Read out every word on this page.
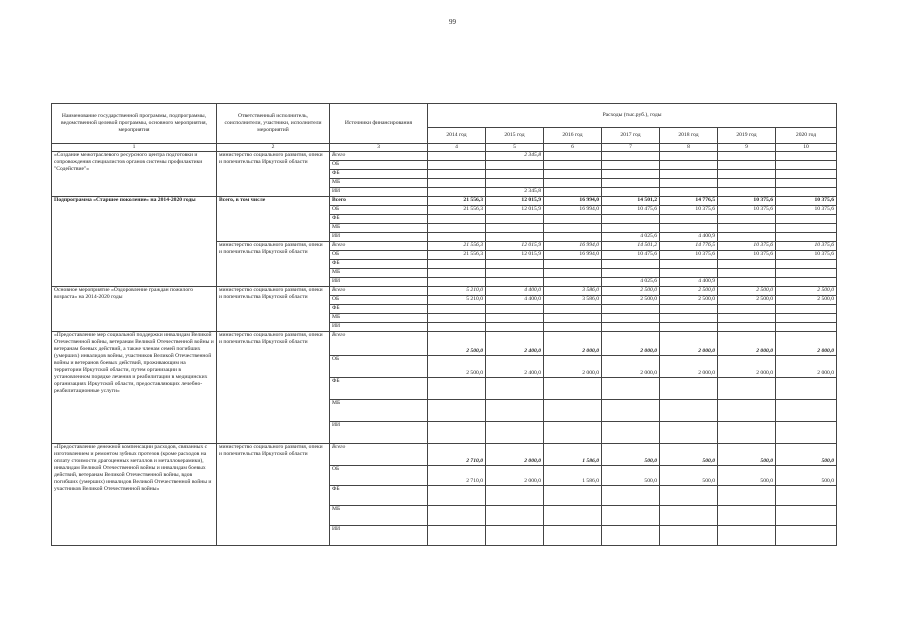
99
Наименование государственной программы, подпрограммы, ведомственной целевой программы, основного мероприятия, мероприятия	Ответственный исполнитель, соисполнители, участники, исполнители мероприятий	Источники финансирования	Расходы (тыс.руб.), годы						
			2014 год	2015 год	2016 год	2017 год	2018 год	2019 год	2020 год
1	2	3	4	5	6	7	8	9	10
«Создание межотраслевого ресурсного центра подготовки и сопровождения специалистов органов системы профилактики "Содействие"»	министерство социального развития, опеки и попечительства Иркутской области	Всего		2 345,8					
		ОБ							
		ФБ							
		МБ							
		ИИ		2 345,8					
Подпрограмма «Старшее поколение» на 2014-2020 годы	Всего, в том числе	Всего	21 556,3	12 015,9	16 994,0	14 501,2	14 776,5	10 375,6	10 375,6
		ОБ	21 556,3	12 015,9	16 994,0	10 475,6	10 375,6	10 375,6	10 375,6
		ФБ							
		МБ							
		ИИ				4 025,6	4 400,9		
	министерство социального развития, опеки и попечительства Иркутской области	Всего	21 556,3	12 015,9	16 994,0	14 501,2	14 776,5	10 375,6	10 375,6
		ОБ	21 556,3	12 015,9	16 994,0	10 475,6	10 375,6	10 375,6	10 375,6
		ФБ							
		МБ							
		ИИ				4 025,6	4 400,9		
Основное мероприятие «Оздоровление граждан пожилого возраста» на 2014-2020 годы	министерство социального развития, опеки и попечительства Иркутской области	Всего	5 210,0	4 400,0	3 586,0	2 500,0	2 500,0	2 500,0	2 500,0
		ОБ	5 210,0	4 400,0	3 586,0	2 500,0	2 500,0	2 500,0	2 500,0
		ФБ							
		МБ							
		ИИ							
«Предоставление мер социальной поддержки инвалидам Великой Отечественной войны, ветеранам Великой Отечественной войны и ветеранам боевых действий, а также членам семей погибших (умерших) инвалидов войны, участников Великой Отечественной войны и ветеранов боевых действий, проживающим на территории Иркутской области, путем организации в установленном порядке лечения и реабилитации в медицинских организациях Иркутской области, предоставляющих лечебно-реабилитационные услуги»	министерство социального развития, опеки и попечительства Иркутской области	Всего	2 500,0	2 400,0	2 000,0	2 000,0	2 000,0	2 000,0	2 000,0
		ОБ	2 500,0	2 400,0	2 000,0	2 000,0	2 000,0	2 000,0	2 000,0
		ФБ							
		МБ							
		ИИ							
«Предоставление денежной компенсации расходов, связанных с изготовлением и ремонтом зубных протезов (кроме расходов на оплату стоимости драгоценных металлов и металлокерамики), инвалидам Великой Отечественной войны и инвалидам боевых действий, ветеранам Великой Отечественной войны, вдов погибших (умерших) инвалидов Великой Отечественной войны и участников Великой Отечественной войны»	министерство социального развития, опеки и попечительства Иркутской области	Всего	2 710,0	2 000,0	1 586,0	500,0	500,0	500,0	500,0
		ОБ	2 710,0	2 000,0	1 586,0	500,0	500,0	500,0	500,0
		ФБ							
		МБ							
		ИИ							
